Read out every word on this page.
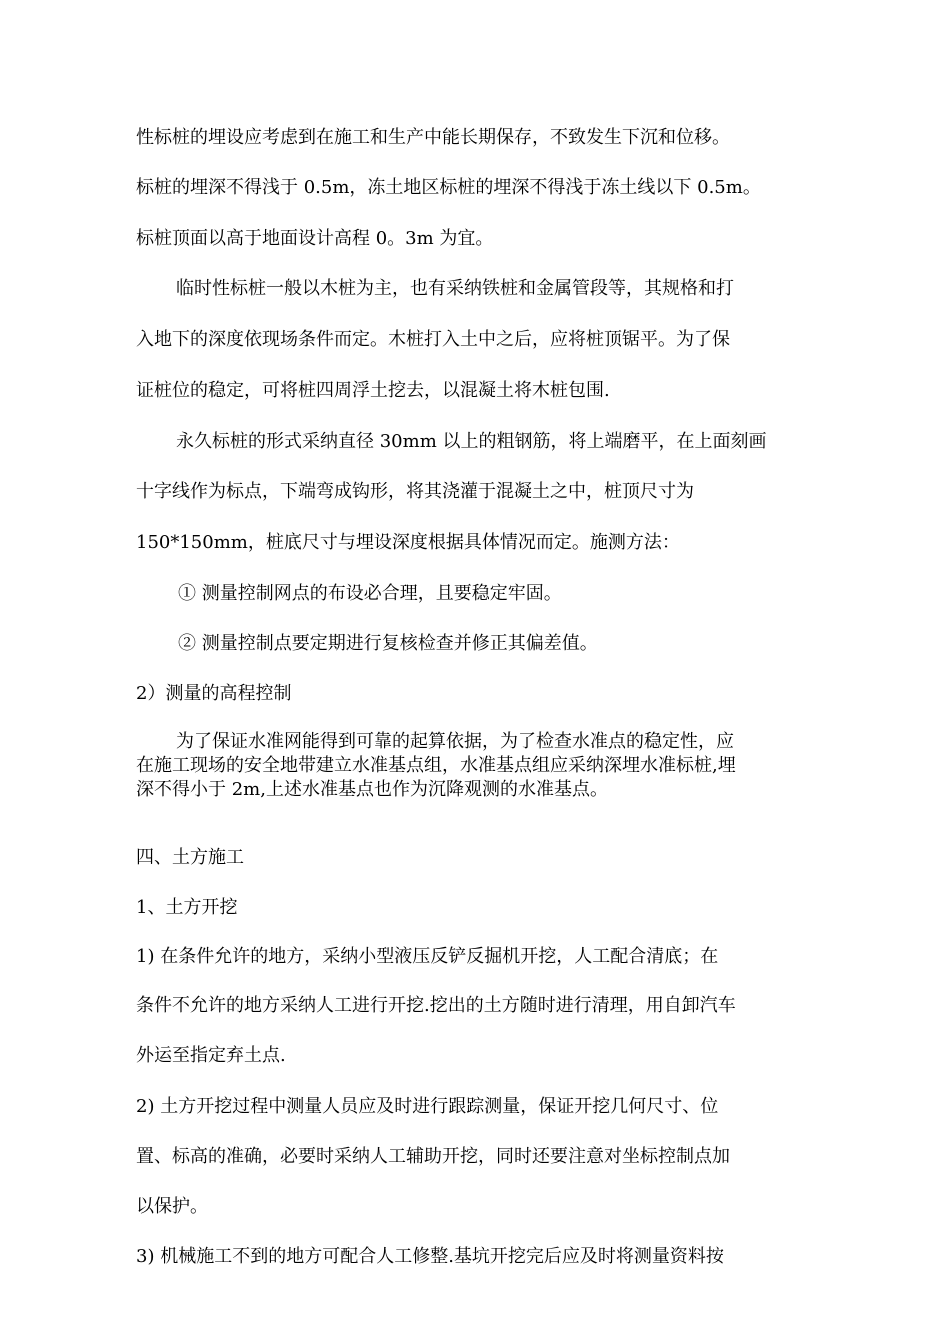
性标桩的埋设应考虑到在施工和生产中能长期保存，不致发生下沉和位移。
标桩的埋深不得浅于 0.5m，冻土地区标桩的埋深不得浅于冻土线以下 0.5m。
标桩顶面以高于地面设计高程 0。3m 为宜。
临时性标桩一般以木桩为主，也有采纳铁桩和金属管段等，其规格和打
入地下的深度依现场条件而定。木桩打入土中之后，应将桩顶锯平。为了保
证桩位的稳定，可将桩四周浮土挖去，以混凝土将木桩包围.
永久标桩的形式采纳直径 30mm 以上的粗钢筋，将上端磨平，在上面刻画
十字线作为标点，下端弯成钩形，将其浇灌于混凝土之中，桩顶尺寸为
150*150mm，桩底尺寸与埋设深度根据具体情况而定。施测方法：
① 测量控制网点的布设必合理，且要稳定牢固。
② 测量控制点要定期进行复核检查并修正其偏差值。
2）测量的高程控制
为了保证水准网能得到可靠的起算依据，为了检查水准点的稳定性，应
在施工现场的安全地带建立水准基点组，水准基点组应采纳深埋水准标桩,埋
深不得小于 2m,上述水准基点也作为沉降观测的水准基点。
四、土方施工
1、土方开挖
1) 在条件允许的地方，采纳小型液压反铲反掘机开挖，人工配合清底；在
条件不允许的地方采纳人工进行开挖.挖出的土方随时进行清理，用自卸汽车
外运至指定弃土点.
2) 土方开挖过程中测量人员应及时进行跟踪测量，保证开挖几何尺寸、位
置、标高的准确，必要时采纳人工辅助开挖，同时还要注意对坐标控制点加
以保护。
3) 机械施工不到的地方可配合人工修整.基坑开挖完后应及时将测量资料按
